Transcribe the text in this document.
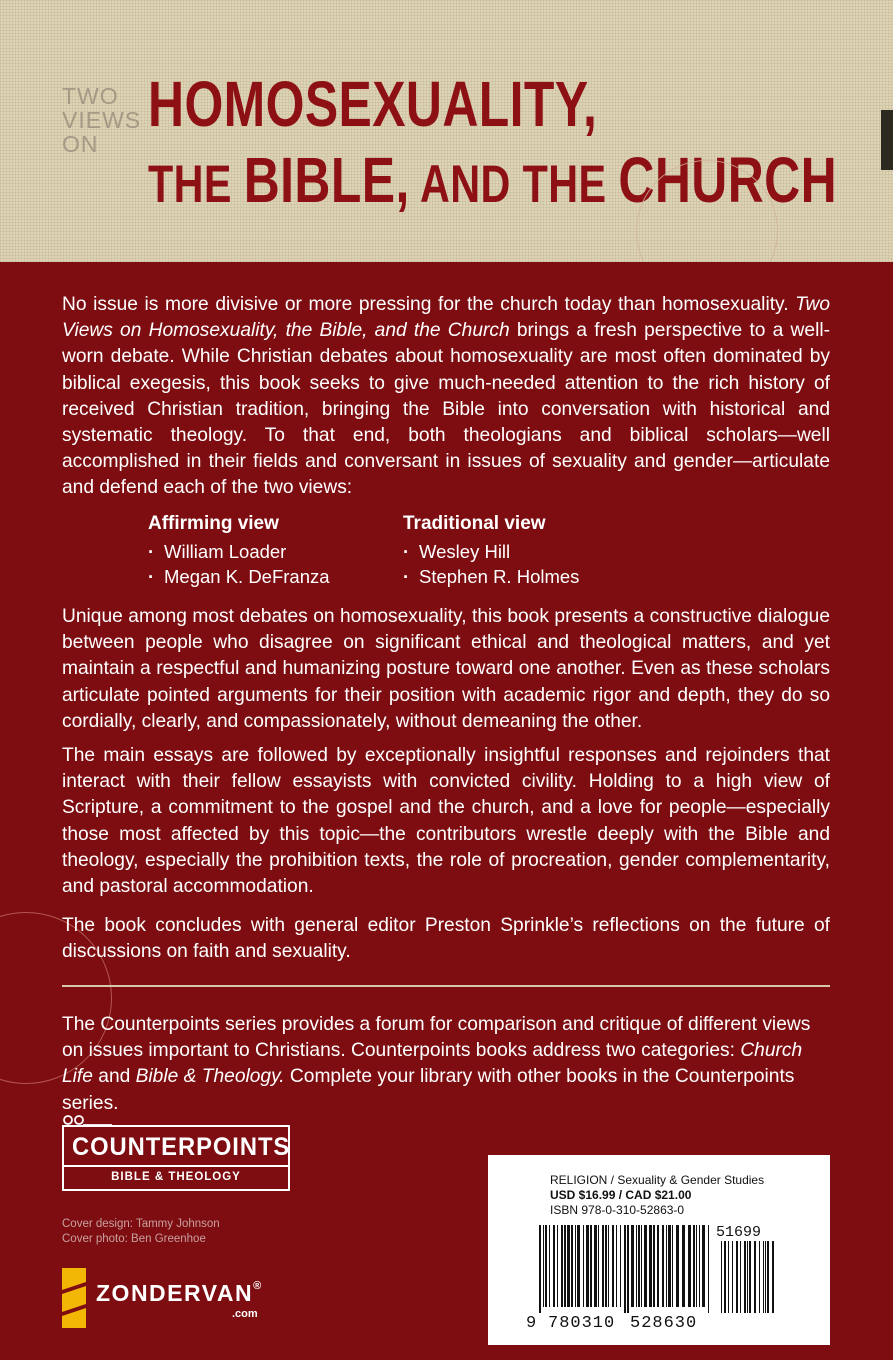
TWO
VIEWS
ON
HOMOSEXUALITY,
THE BIBLE, AND THE CHURCH

No issue is more divisive or more pressing for the church today than homosexuality. Two Views on Homosexuality, the Bible, and the Church brings a fresh perspective to a well-worn debate. While Christian debates about homosexuality are most often dominated by biblical exegesis, this book seeks to give much-needed attention to the rich history of received Christian tradition, bringing the Bible into conversation with historical and systematic theology. To that end, both theologians and biblical scholars—well accomplished in their fields and conversant in issues of sexuality and gender—articulate and defend each of the two views:

Affirming view
· William Loader
· Megan K. DeFranza
Traditional view
· Wesley Hill
· Stephen R. Holmes

Unique among most debates on homosexuality, this book presents a constructive dialogue between people who disagree on significant ethical and theological matters, and yet maintain a respectful and humanizing posture toward one another. Even as these scholars articulate pointed arguments for their position with academic rigor and depth, they do so cordially, clearly, and compassionately, without demeaning the other.

The main essays are followed by exceptionally insightful responses and rejoinders that interact with their fellow essayists with convicted civility. Holding to a high view of Scripture, a commitment to the gospel and the church, and a love for people—especially those most affected by this topic—the contributors wrestle deeply with the Bible and theology, especially the prohibition texts, the role of procreation, gender complementarity, and pastoral accommodation.

The book concludes with general editor Preston Sprinkle’s reflections on the future of discussions on faith and sexuality.

The Counterpoints series provides a forum for comparison and critique of different views on issues important to Christians. Counterpoints books address two categories: Church Life and Bible & Theology. Complete your library with other books in the Counterpoints series.

COUNTERPOINTS
BIBLE & THEOLOGY
Cover design: Tammy Johnson
Cover photo: Ben Greenhoe
ZONDERVAN®
.com
RELIGION / Sexuality & Gender Studies
USD $16.99 / CAD $21.00
ISBN 978-0-310-52863-0
51699
9 780310 528630
